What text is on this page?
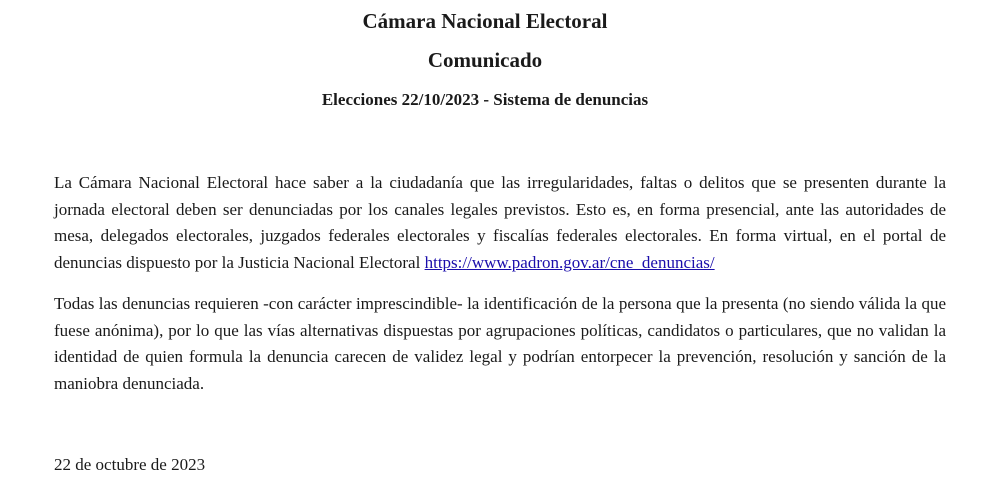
Cámara Nacional Electoral
Comunicado
Elecciones 22/10/2023 - Sistema de denuncias

La Cámara Nacional Electoral hace saber a la ciudadanía que las irregularidades, faltas o delitos que se presenten durante la jornada electoral deben ser denunciadas por los canales legales previstos. Esto es, en forma presencial, ante las autoridades de mesa, delegados electorales, juzgados federales electorales y fiscalías federales electorales. En forma virtual, en el portal de denuncias dispuesto por la Justicia Nacional Electoral https://www.padron.gov.ar/cne_denuncias/

Todas las denuncias requieren -con carácter imprescindible- la identificación de la persona que la presenta (no siendo válida la que fuese anónima), por lo que las vías alternativas dispuestas por agrupaciones políticas, candidatos o particulares, que no validan la identidad de quien formula la denuncia carecen de validez legal y podrían entorpecer la prevención, resolución y sanción de la maniobra denunciada.

22 de octubre de 2023
